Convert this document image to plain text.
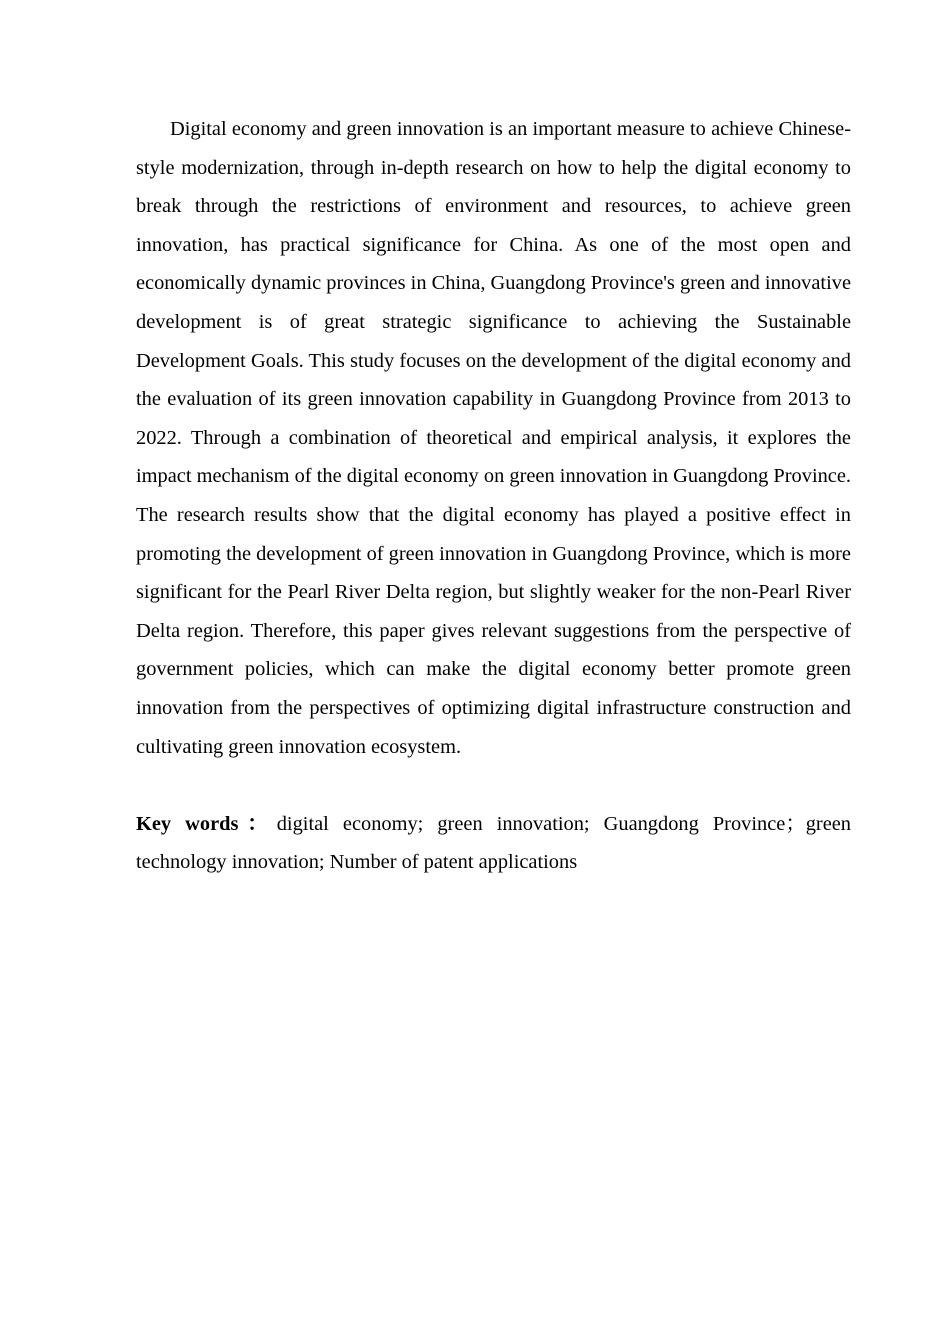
Digital economy and green innovation is an important measure to achieve Chinese-style modernization, through in-depth research on how to help the digital economy to break through the restrictions of environment and resources, to achieve green innovation, has practical significance for China. As one of the most open and economically dynamic provinces in China, Guangdong Province's green and innovative development is of great strategic significance to achieving the Sustainable Development Goals. This study focuses on the development of the digital economy and the evaluation of its green innovation capability in Guangdong Province from 2013 to 2022. Through a combination of theoretical and empirical analysis, it explores the impact mechanism of the digital economy on green innovation in Guangdong Province. The research results show that the digital economy has played a positive effect in promoting the development of green innovation in Guangdong Province, which is more significant for the Pearl River Delta region, but slightly weaker for the non-Pearl River Delta region. Therefore, this paper gives relevant suggestions from the perspective of government policies, which can make the digital economy better promote green innovation from the perspectives of optimizing digital infrastructure construction and cultivating green innovation ecosystem.

Key words：digital economy; green innovation; Guangdong Province；green technology innovation; Number of patent applications
